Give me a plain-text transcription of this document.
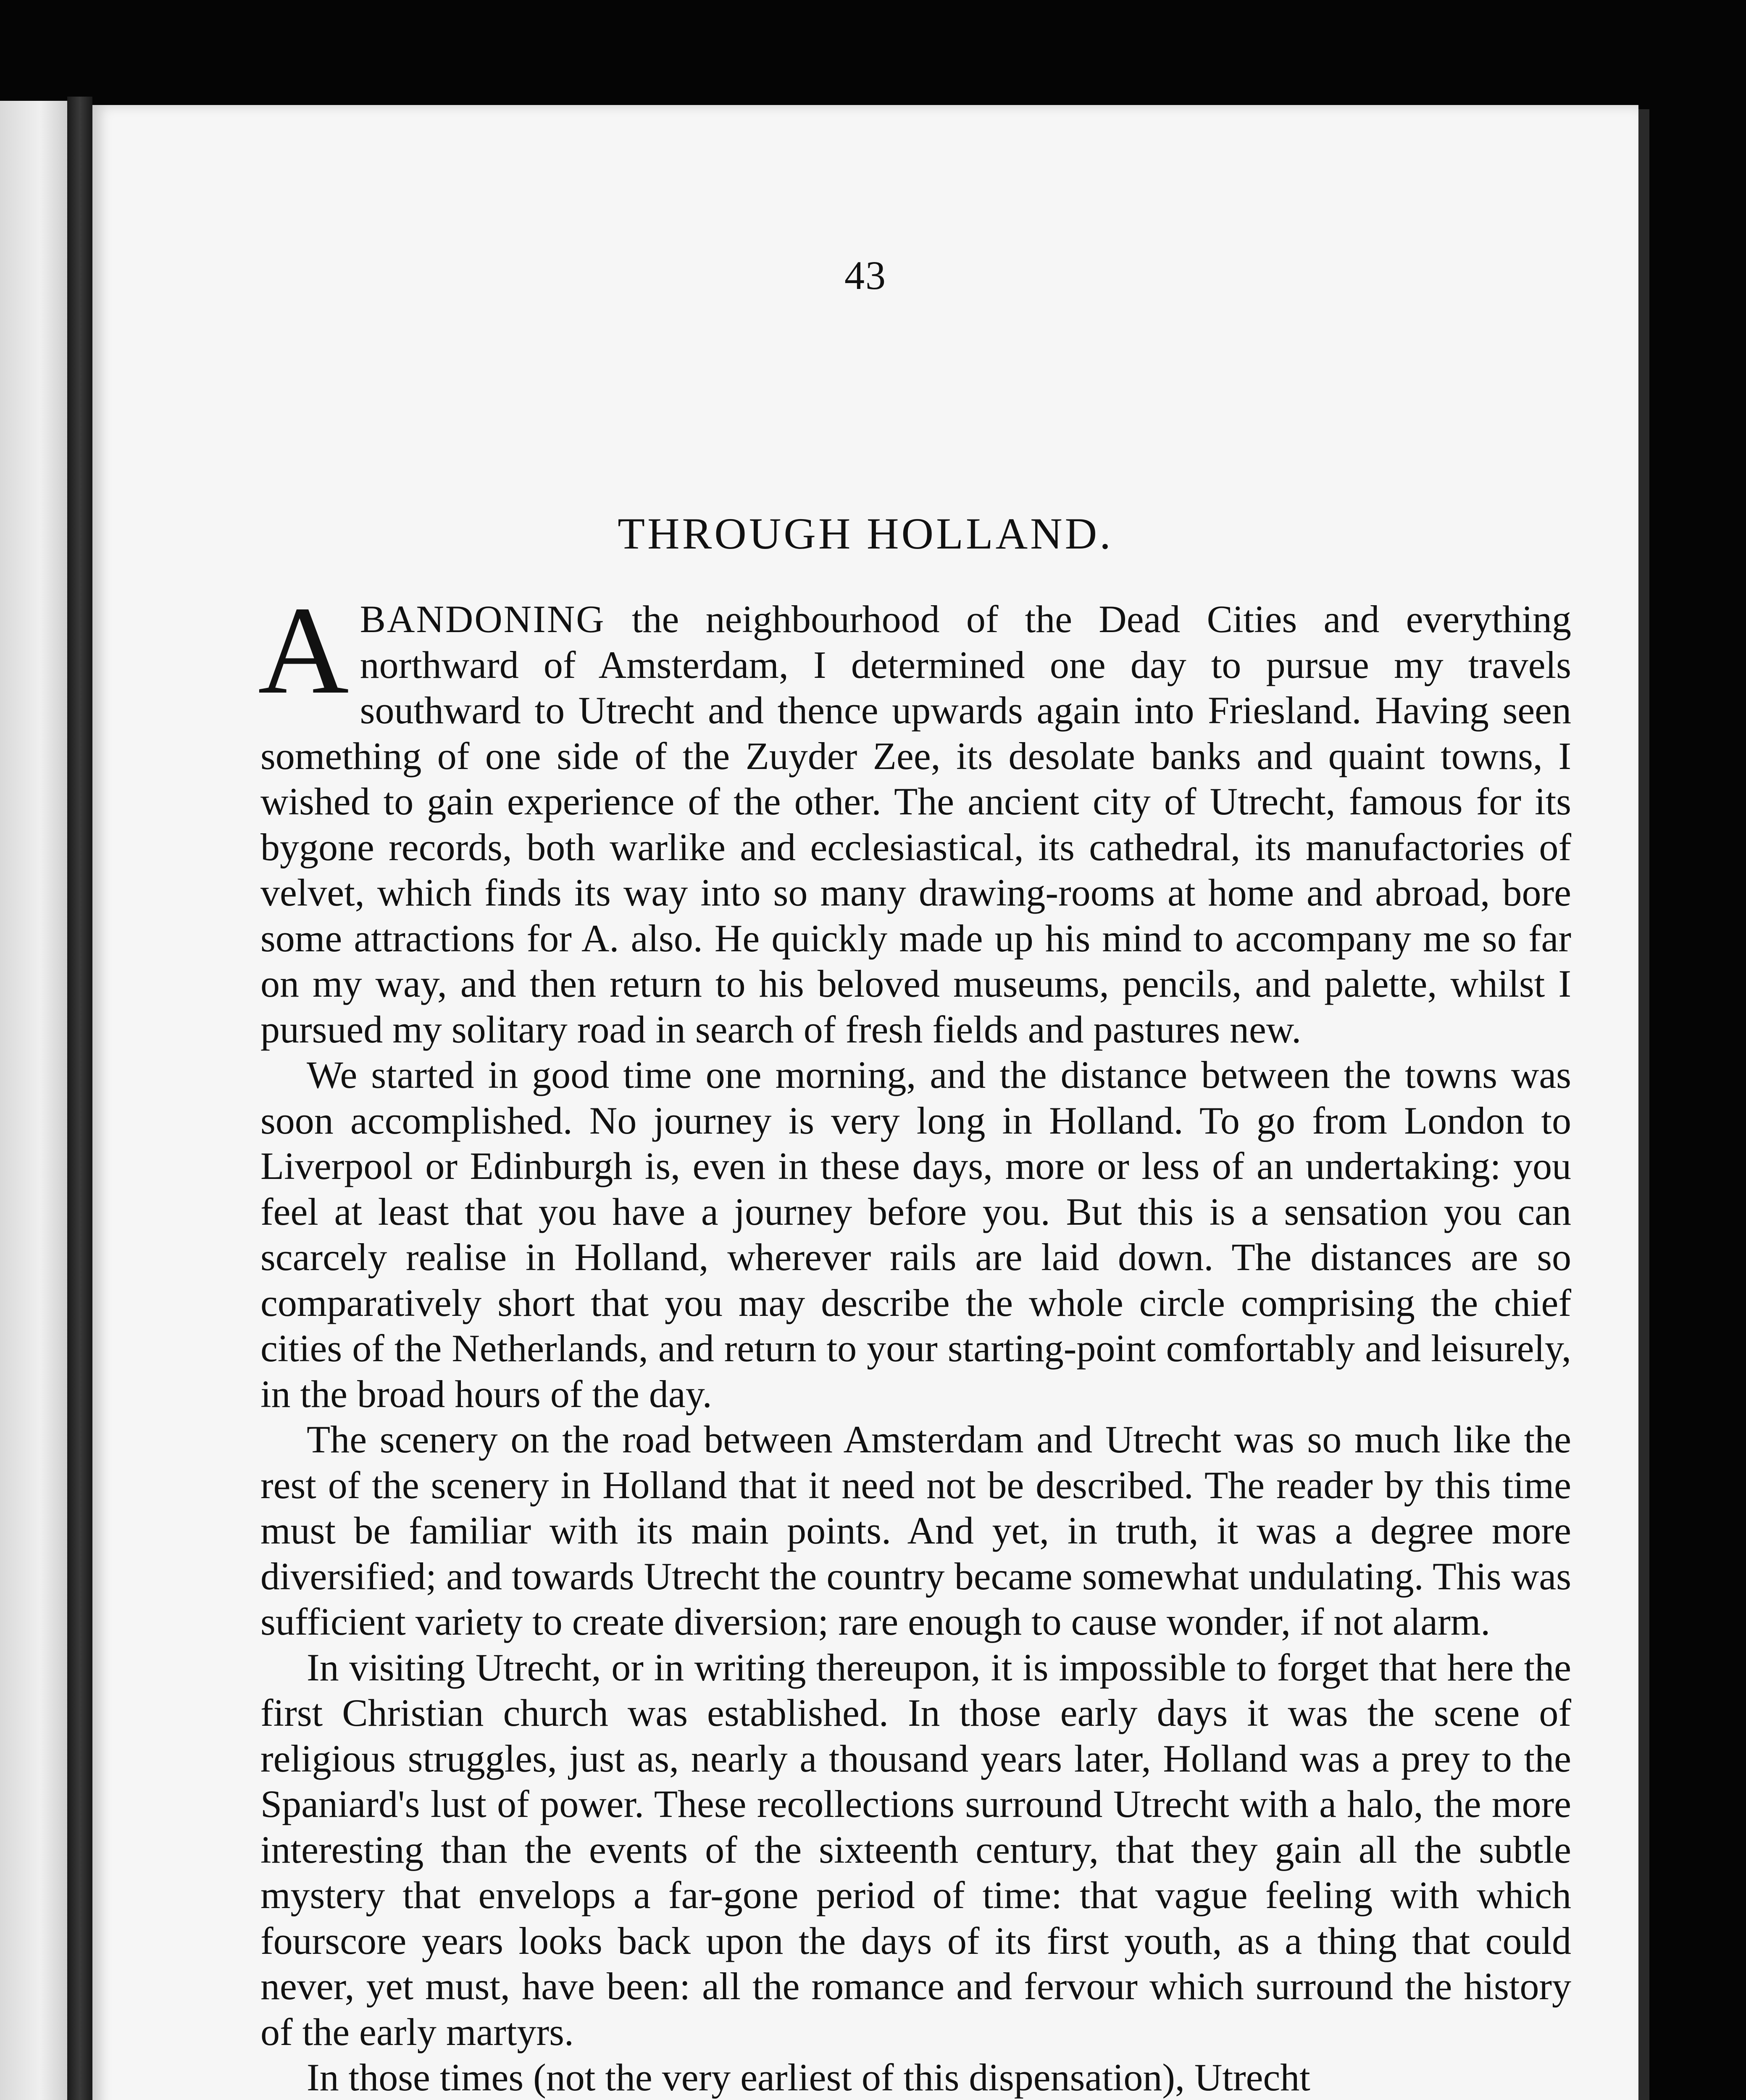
43
THROUGH HOLLAND.

ABANDONING the neighbourhood of the Dead Cities and everything northward of Amsterdam, I determined one day to pursue my travels southward to Utrecht and thence upwards again into Friesland. Having seen something of one side of the Zuyder Zee, its desolate banks and quaint towns, I wished to gain experience of the other. The ancient city of Utrecht, famous for its bygone records, both warlike and ecclesiastical, its cathedral, its manufactories of velvet, which finds its way into so many drawing-rooms at home and abroad, bore some attractions for A. also. He quickly made up his mind to accompany me so far on my way, and then return to his beloved museums, pencils, and palette, whilst I pursued my solitary road in search of fresh fields and pastures new.

We started in good time one morning, and the distance between the towns was soon accomplished. No journey is very long in Holland. To go from London to Liverpool or Edinburgh is, even in these days, more or less of an undertaking: you feel at least that you have a journey before you. But this is a sensation you can scarcely realise in Holland, wherever rails are laid down. The distances are so comparatively short that you may describe the whole circle comprising the chief cities of the Netherlands, and return to your starting-point comfortably and leisurely, in the broad hours of the day.

The scenery on the road between Amsterdam and Utrecht was so much like the rest of the scenery in Holland that it need not be described. The reader by this time must be familiar with its main points. And yet, in truth, it was a degree more diversified; and towards Utrecht the country became somewhat undulating. This was sufficient variety to create diversion; rare enough to cause wonder, if not alarm.

In visiting Utrecht, or in writing thereupon, it is impossible to forget that here the first Christian church was established. In those early days it was the scene of religious struggles, just as, nearly a thousand years later, Holland was a prey to the Spaniard's lust of power. These recollections surround Utrecht with a halo, the more interesting than the events of the sixteenth century, that they gain all the subtle mystery that envelops a far-gone period of time: that vague feeling with which fourscore years looks back upon the days of its first youth, as a thing that could never, yet must, have been: all the romance and fervour which surround the history of the early martyrs.

In those times (not the very earliest of this dispensation), Utrecht
